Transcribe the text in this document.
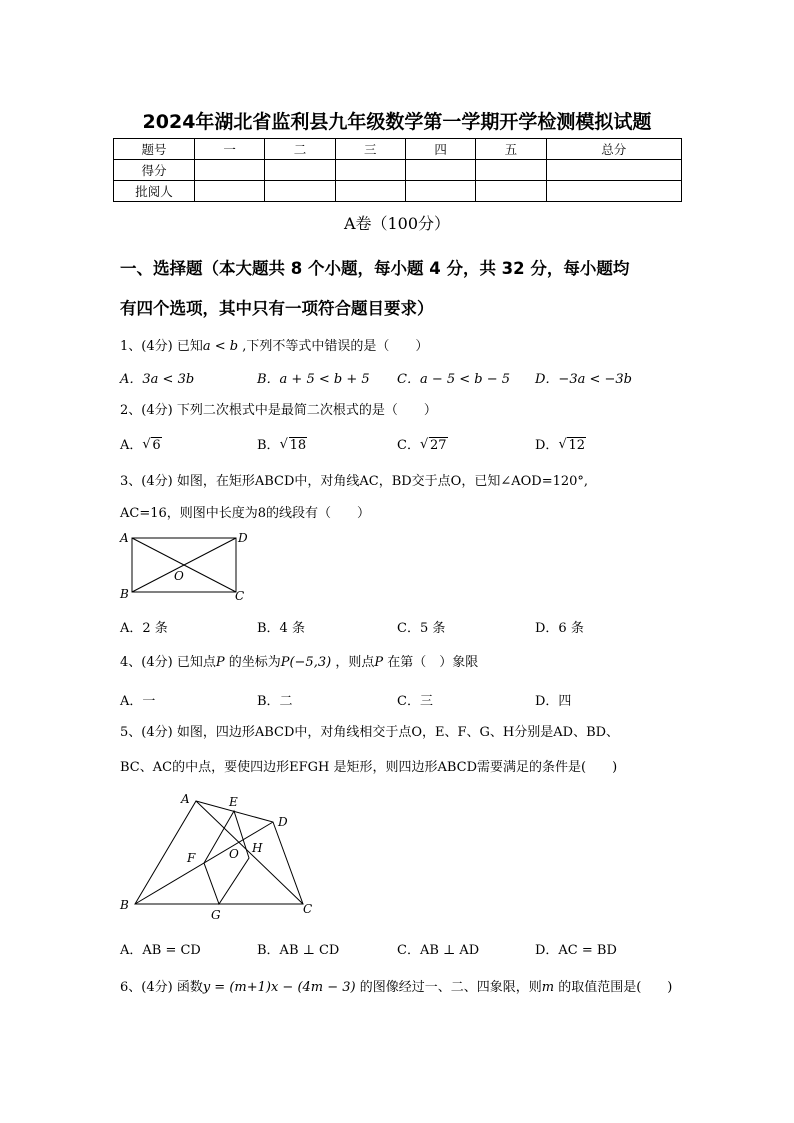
2024年湖北省监利县九年级数学第一学期开学检测模拟试题
题号	一	二	三	四	五	总分
得分						
批阅人						
A卷（100分）
一、选择题（本大题共 8 个小题，每小题 4 分，共 32 分，每小题均
有四个选项，其中只有一项符合题目要求）
1、(4分) 已知a < b ,下列不等式中错误的是（　　）
A．3a < 3b	B．a + 5 < b + 5 C．a − 5 < b − 5 D．−3a < −3b
2、(4分) 下列二次根式中是最简二次根式的是（　　）
A． √ 6	B． √ 18	C． √ 27	D． √ 12
3、(4分) 如图，在矩形ABCD中，对角线AC，BD交于点O，已知∠AOD=120°,
AC=16，则图中长度为8的线段有（　　）
A	D
B	C
O
A．2 条	B．4 条	C．5 条	D．6 条
4、(4分) 已知点P 的坐标为P(−5,3) ，则点P 在第（　）象限
A．一	B．二	C．三	D．四
5、(4分) 如图，四边形ABCD中，对角线相交于点O，E、F、G、H分别是AD、BD、
BC、AC的中点，要使四边形EFGH 是矩形，则四边形ABCD需要满足的条件是(　　)
A	E
D
F	O H
B
G	C
A．AB = CD	B．AB ⊥ CD	C．AB ⊥ AD	D．AC = BD
6、(4分) 函数y = (m+1)x − (4m − 3) 的图像经过一、二、四象限，则m 的取值范围是(　　)
